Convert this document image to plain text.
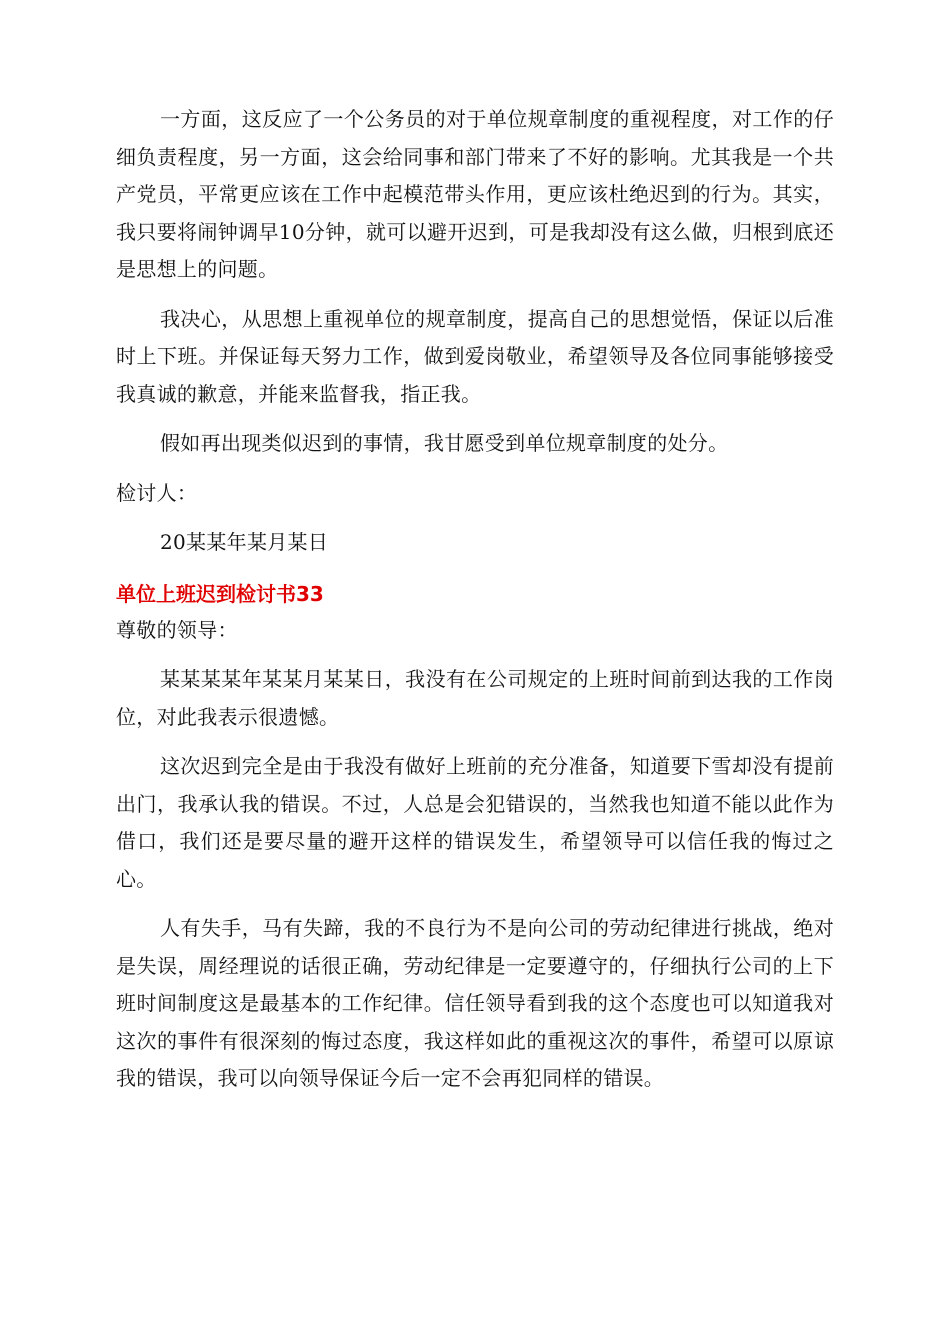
一方面，这反应了一个公务员的对于单位规章制度的重视程度，对工作的仔细负责程度，另一方面，这会给同事和部门带来了不好的影响。尤其我是一个共产党员，平常更应该在工作中起模范带头作用，更应该杜绝迟到的行为。其实，我只要将闹钟调早10分钟，就可以避开迟到，可是我却没有这么做，归根到底还是思想上的问题。

我决心，从思想上重视单位的规章制度，提高自己的思想觉悟，保证以后准时上下班。并保证每天努力工作，做到爱岗敬业，希望领导及各位同事能够接受我真诚的歉意，并能来监督我，指正我。

假如再出现类似迟到的事情，我甘愿受到单位规章制度的处分。

检讨人：

20某某年某月某日

单位上班迟到检讨书33

尊敬的领导：

某某某某年某某月某某日，我没有在公司规定的上班时间前到达我的工作岗位，对此我表示很遗憾。

这次迟到完全是由于我没有做好上班前的充分准备，知道要下雪却没有提前出门，我承认我的错误。不过，人总是会犯错误的，当然我也知道不能以此作为借口，我们还是要尽量的避开这样的错误发生，希望领导可以信任我的悔过之心。

人有失手，马有失蹄，我的不良行为不是向公司的劳动纪律进行挑战，绝对是失误，周经理说的话很正确，劳动纪律是一定要遵守的，仔细执行公司的上下班时间制度这是最基本的工作纪律。信任领导看到我的这个态度也可以知道我对这次的事件有很深刻的悔过态度，我这样如此的重视这次的事件，希望可以原谅我的错误，我可以向领导保证今后一定不会再犯同样的错误。
